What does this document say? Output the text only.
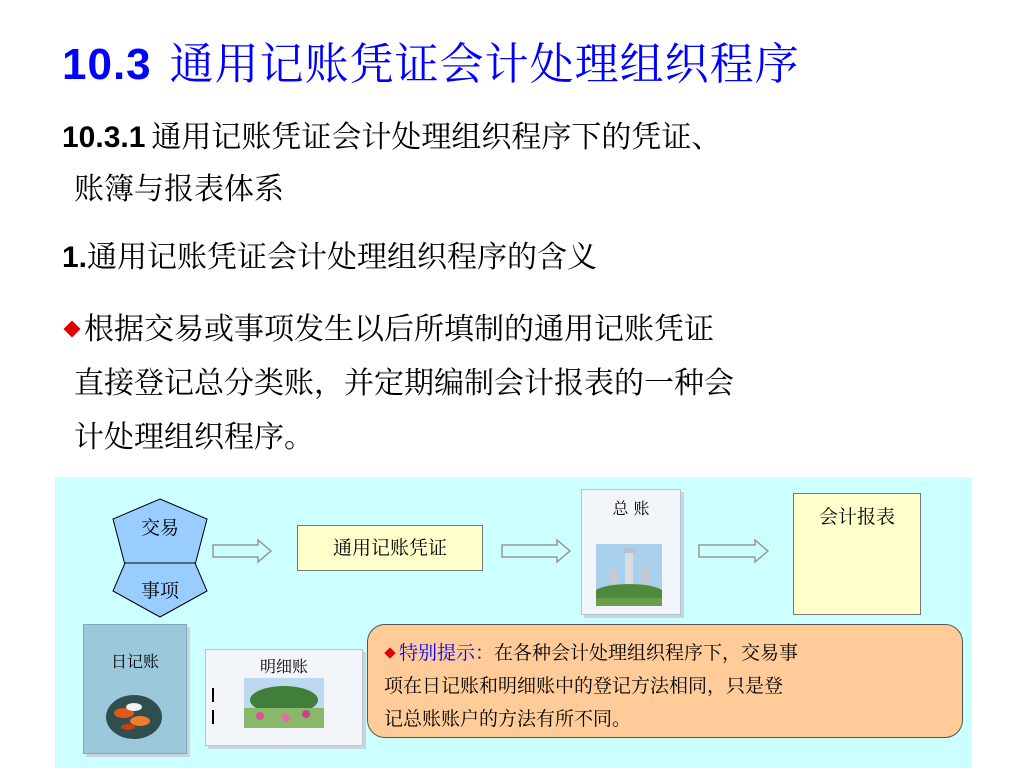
10.3 通用记账凭证会计处理组织程序
10.3.1 通用记账凭证会计处理组织程序下的凭证、
账簿与报表体系
1.通用记账凭证会计处理组织程序的含义
根据交易或事项发生以后所填制的通用记账凭证
直接登记总分类账，并定期编制会计报表的一种会
计处理组织程序。
交易
事项
通用记账凭证
总 账	会计报表
日记账	明细账
特别提示：在各种会计处理组织程序下，交易事
项在日记账和明细账中的登记方法相同，只是登
记总账账户的方法有所不同。
